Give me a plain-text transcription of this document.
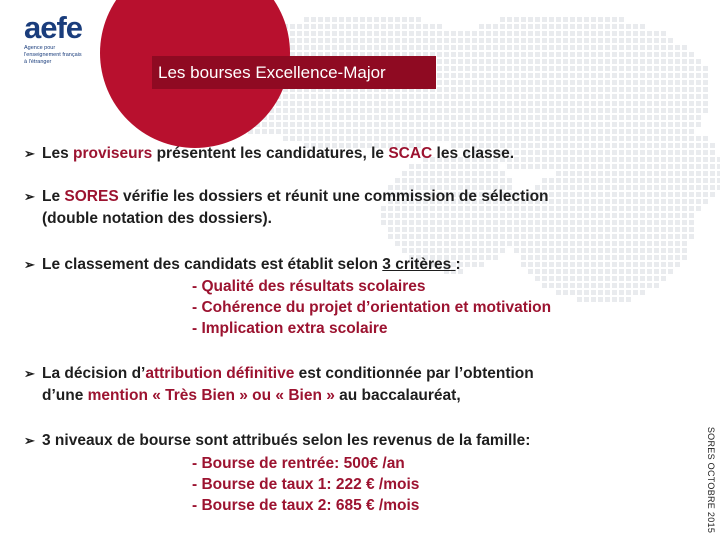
aefe
Agence pour
l'enseignement français
à l'étranger
Les bourses Excellence-Major
SORES OCTOBRE 2015
➢ Les proviseurs présentent les candidatures, le SCAC les classe.
➢ Le SORES vérifie les dossiers et réunit une commission de sélection
(double notation des dossiers).
➢ Le classement des candidats est établit selon 3 critères :
- Qualité des résultats scolaires
- Cohérence du projet d’orientation et motivation
- Implication extra scolaire
➢ La décision d’attribution définitive est conditionnée par l’obtention
d’une mention « Très Bien » ou « Bien » au baccalauréat,
➢ 3 niveaux de bourse sont attribués selon les revenus de la famille:
- Bourse de rentrée: 500€ /an
- Bourse de taux 1: 222 € /mois
- Bourse de taux 2: 685 € /mois
